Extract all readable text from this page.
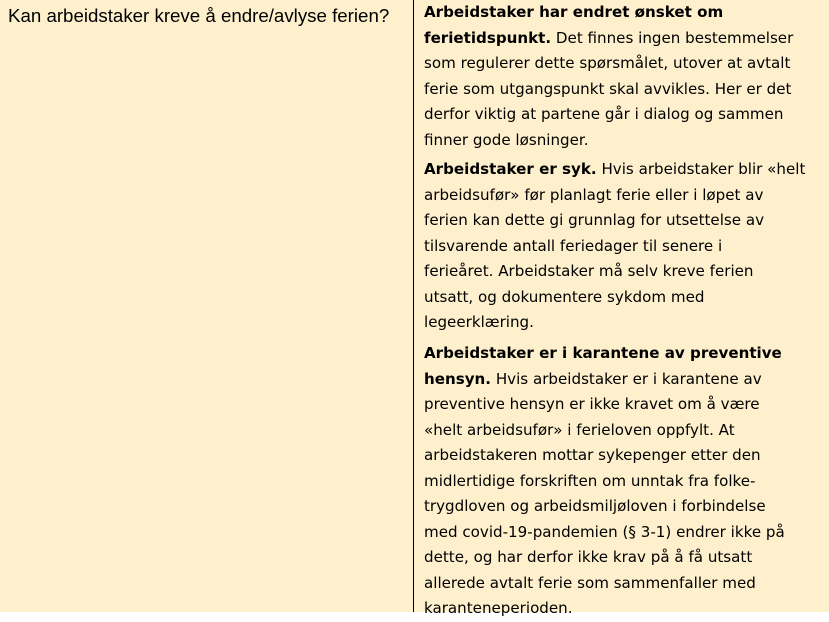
Kan arbeidstaker kreve å endre/avlyse ferien? Arbeidstaker har endret ønsket om
ferietidspunkt. Det finnes ingen bestemmelser
som regulerer dette spørsmålet, utover at avtalt
ferie som utgangspunkt skal avvikles. Her er det
derfor viktig at partene går i dialog og sammen
finner gode løsninger.

Arbeidstaker er syk. Hvis arbeidstaker blir «helt
arbeidsufør» før planlagt ferie eller i løpet av
ferien kan dette gi grunnlag for utsettelse av
tilsvarende antall feriedager til senere i
ferieåret. Arbeidstaker må selv kreve ferien
utsatt, og dokumentere sykdom med
legeerklæring.

Arbeidstaker er i karantene av preventive
hensyn. Hvis arbeidstaker er i karantene av
preventive hensyn er ikke kravet om å være
«helt arbeidsufør» i ferieloven oppfylt. At
arbeidstakeren mottar sykepenger etter den
midlertidige forskriften om unntak fra folke-
trygdloven og arbeidsmiljøloven i forbindelse
med covid-19-pandemien (§ 3-1) endrer ikke på
dette, og har derfor ikke krav på å få utsatt
allerede avtalt ferie som sammenfaller med
karanteneperioden.
